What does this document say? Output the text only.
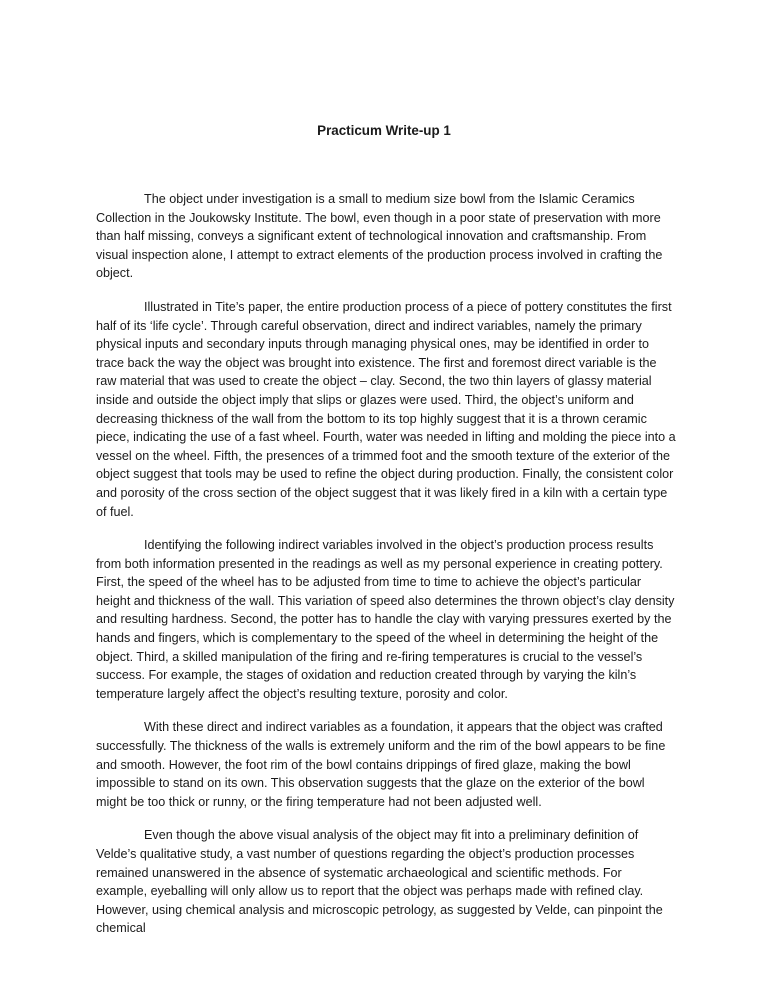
Practicum Write-up 1

The object under investigation is a small to medium size bowl from the Islamic Ceramics Collection in the Joukowsky Institute. The bowl, even though in a poor state of preservation with more than half missing, conveys a significant extent of technological innovation and craftsmanship. From visual inspection alone, I attempt to extract elements of the production process involved in crafting the object.

Illustrated in Tite’s paper, the entire production process of a piece of pottery constitutes the first half of its ‘life cycle’. Through careful observation, direct and indirect variables, namely the primary physical inputs and secondary inputs through managing physical ones, may be identified in order to trace back the way the object was brought into existence. The first and foremost direct variable is the raw material that was used to create the object – clay. Second, the two thin layers of glassy material inside and outside the object imply that slips or glazes were used. Third, the object’s uniform and decreasing thickness of the wall from the bottom to its top highly suggest that it is a thrown ceramic piece, indicating the use of a fast wheel. Fourth, water was needed in lifting and molding the piece into a vessel on the wheel. Fifth, the presences of a trimmed foot and the smooth texture of the exterior of the object suggest that tools may be used to refine the object during production. Finally, the consistent color and porosity of the cross section of the object suggest that it was likely fired in a kiln with a certain type of fuel.

Identifying the following indirect variables involved in the object’s production process results from both information presented in the readings as well as my personal experience in creating pottery. First, the speed of the wheel has to be adjusted from time to time to achieve the object’s particular height and thickness of the wall. This variation of speed also determines the thrown object’s clay density and resulting hardness. Second, the potter has to handle the clay with varying pressures exerted by the hands and fingers, which is complementary to the speed of the wheel in determining the height of the object. Third, a skilled manipulation of the firing and re-firing temperatures is crucial to the vessel’s success. For example, the stages of oxidation and reduction created through by varying the kiln’s temperature largely affect the object’s resulting texture, porosity and color.

With these direct and indirect variables as a foundation, it appears that the object was crafted successfully. The thickness of the walls is extremely uniform and the rim of the bowl appears to be fine and smooth. However, the foot rim of the bowl contains drippings of fired glaze, making the bowl impossible to stand on its own. This observation suggests that the glaze on the exterior of the bowl might be too thick or runny, or the firing temperature had not been adjusted well.

Even though the above visual analysis of the object may fit into a preliminary definition of Velde’s qualitative study, a vast number of questions regarding the object’s production processes remained unanswered in the absence of systematic archaeological and scientific methods. For example, eyeballing will only allow us to report that the object was perhaps made with refined clay. However, using chemical analysis and microscopic petrology, as suggested by Velde, can pinpoint the chemical
